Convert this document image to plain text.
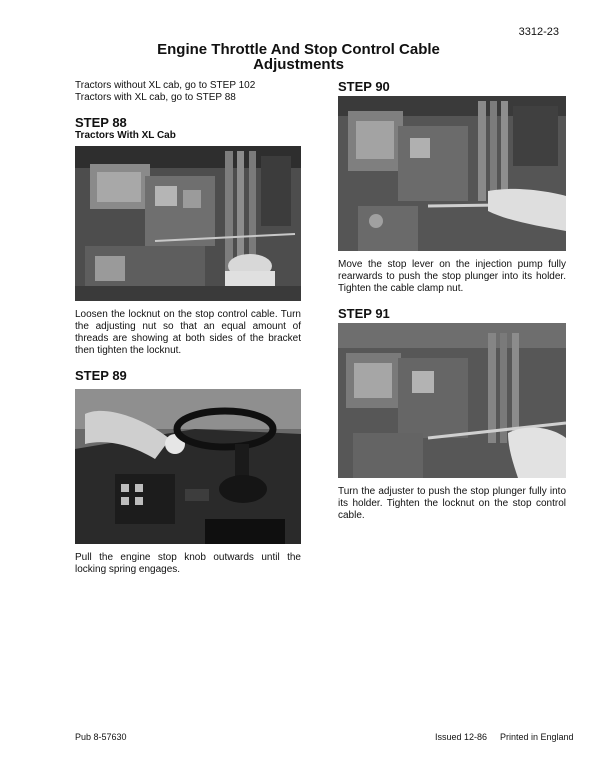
3312-23
Engine Throttle And Stop Control Cable
Adjustments
Tractors without XL cab, go to STEP 102
Tractors with XL cab, go to STEP 88
STEP 88
Tractors With XL Cab
Loosen the locknut on the stop control cable. Turn the adjusting nut so that an equal amount of threads are showing at both sides of the bracket then tighten the locknut.
STEP 89
Pull the engine stop knob outwards until the locking spring engages.
STEP 90
Move the stop lever on the injection pump fully rearwards to push the stop plunger into its holder. Tighten the cable clamp nut.
STEP 91
Turn the adjuster to push the stop plunger fully into its holder. Tighten the locknut on the stop control cable.
Pub 8-57630	Issued 12-86 Printed in England
